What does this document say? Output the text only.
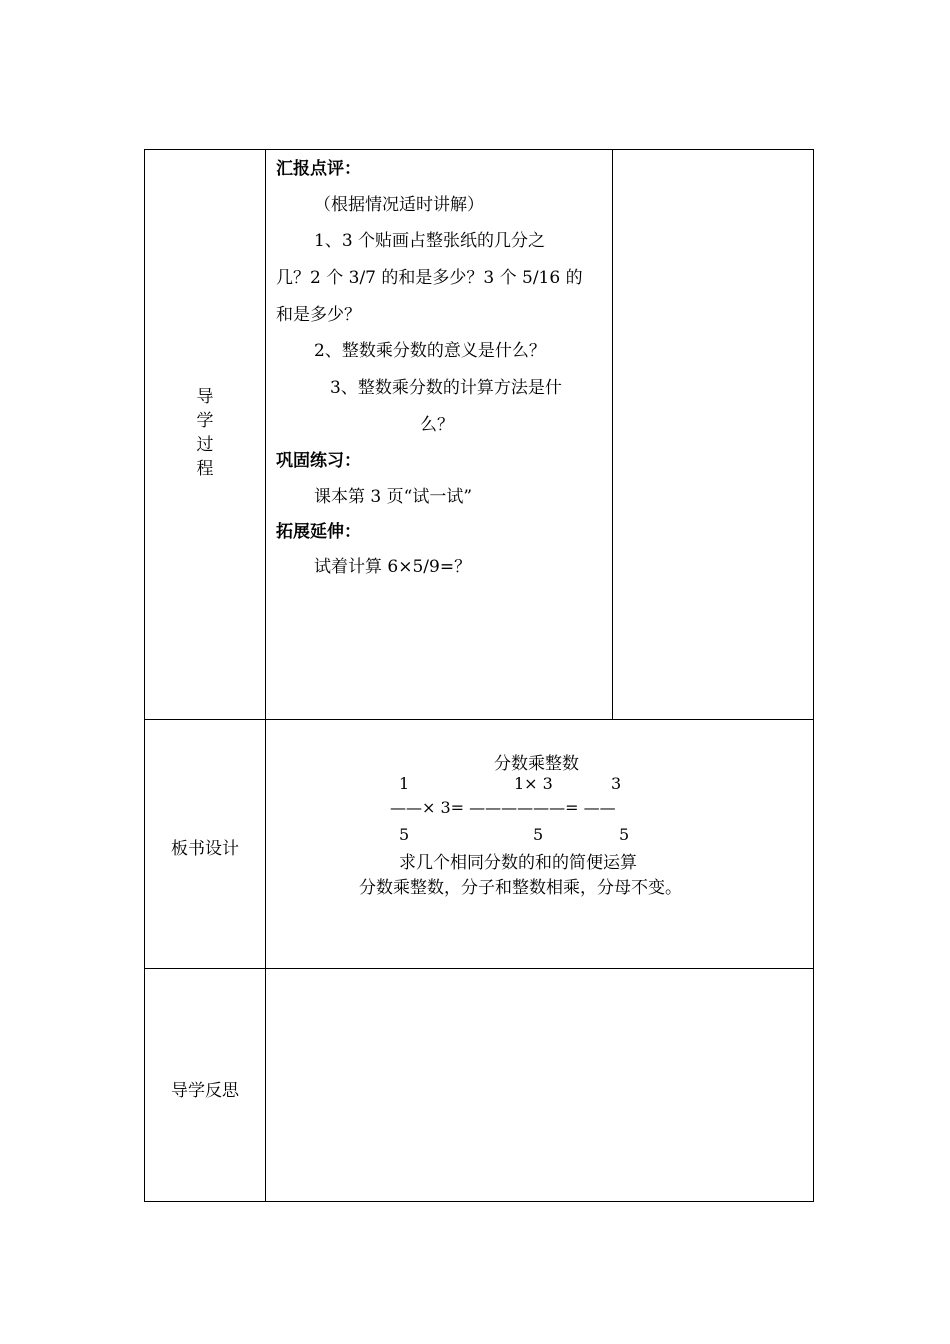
导
学
过
程
汇报点评：
（根据情况适时讲解）
1、3 个贴画占整张纸的几分之
几？2 个 3/7 的和是多少？3 个 5/16 的
和是多少？
2、整数乘分数的意义是什么？
3、整数乘分数的计算方法是什
么？
巩固练习：
课本第 3 页“试一试”
拓展延伸：
试着计算 6×5/9=？
板书设计
分数乘整数
1	1× 3	3
——× 3= ——————= ——
5	5	5
求几个相同分数的和的简便运算
分数乘整数，分子和整数相乘，分母不变。
导学反思
